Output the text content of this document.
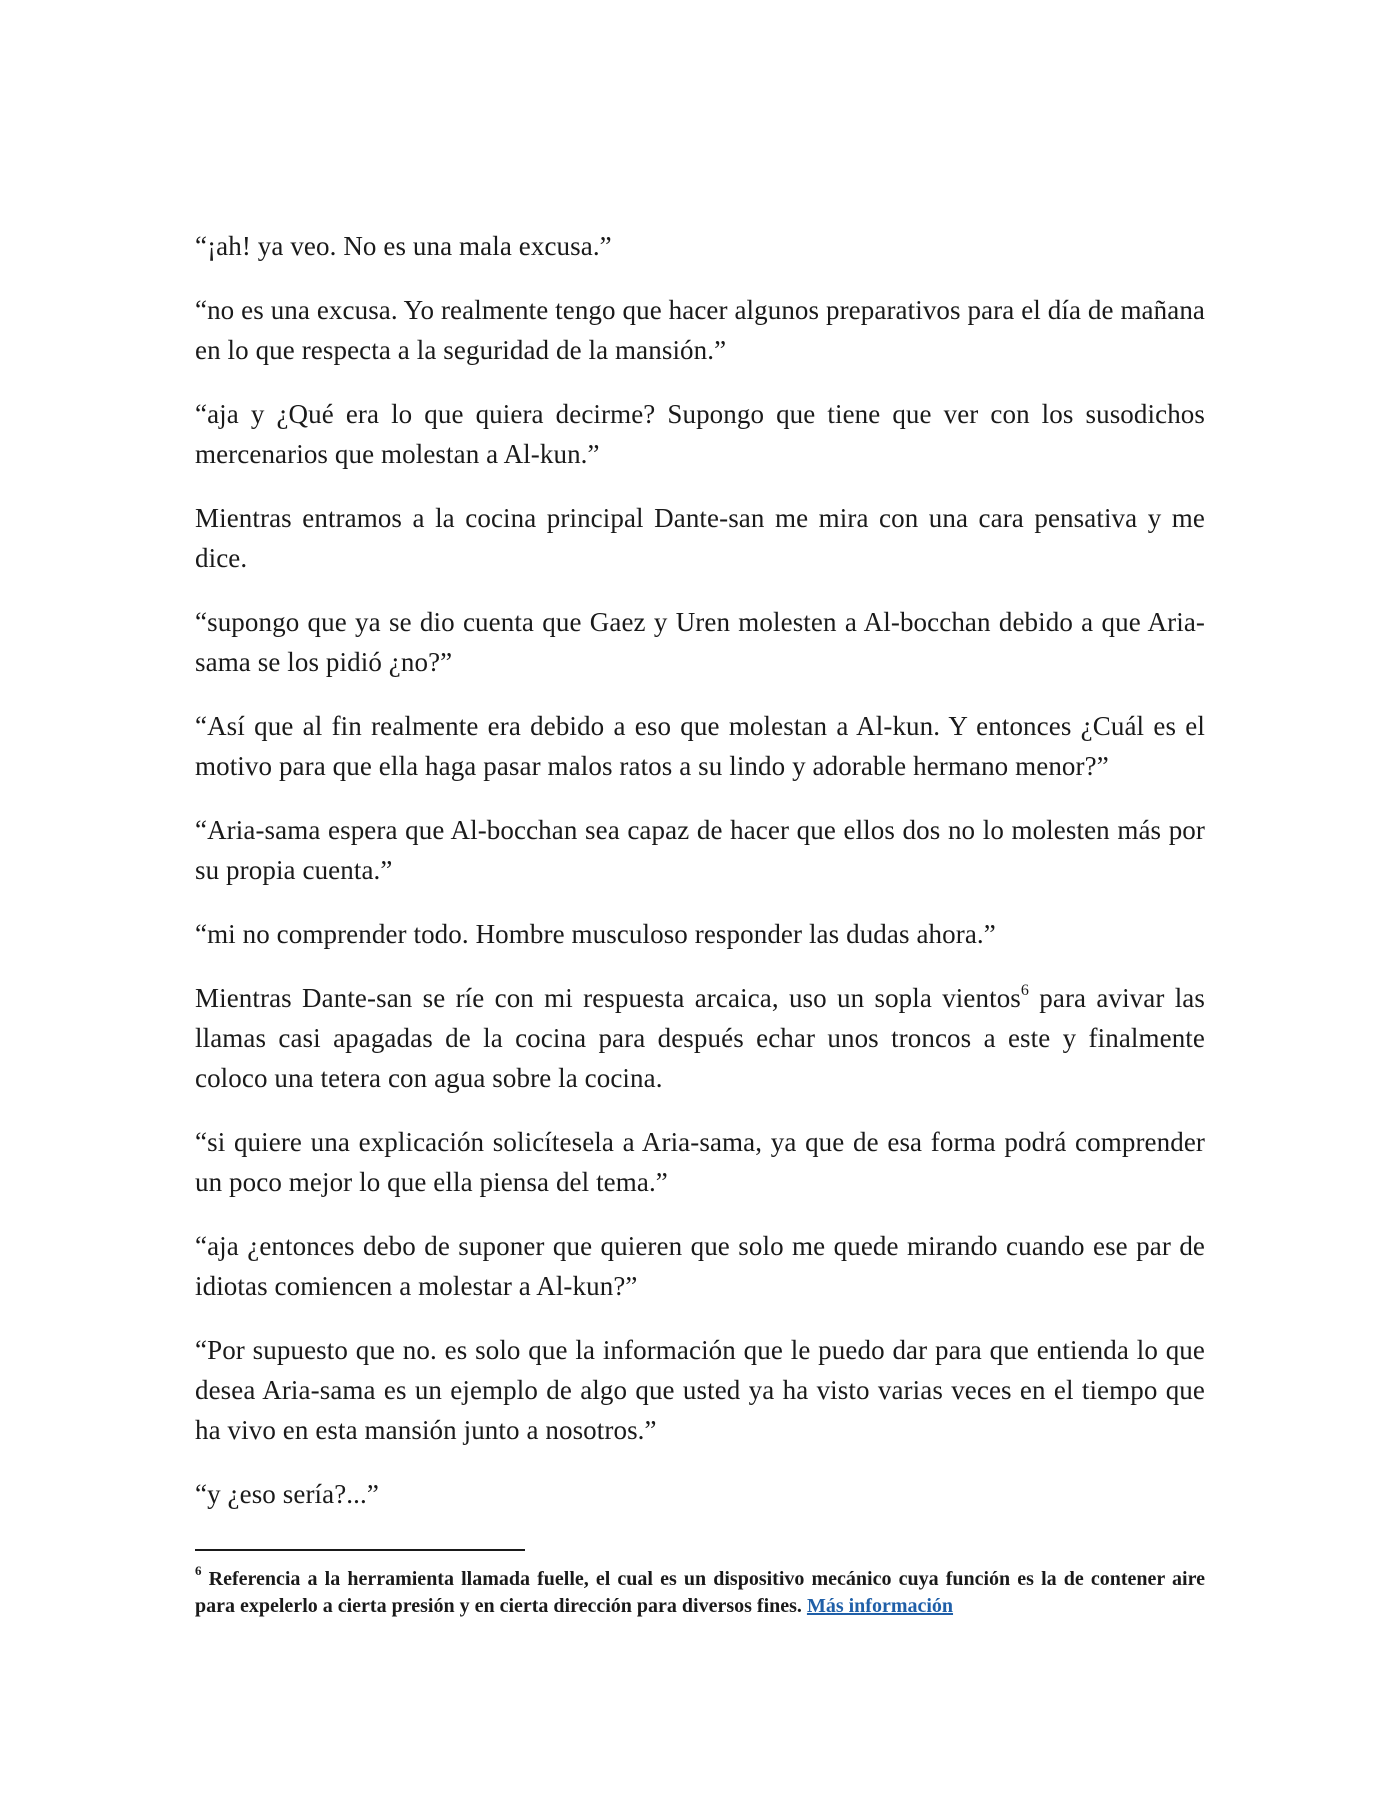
“¡ah! ya veo. No es una mala excusa.”

“no es una excusa. Yo realmente tengo que hacer algunos preparativos para el día de mañana en lo que respecta a la seguridad de la mansión.”

“aja y ¿Qué era lo que quiera decirme? Supongo que tiene que ver con los susodichos mercenarios que molestan a Al-kun.”

Mientras entramos a la cocina principal Dante-san me mira con una cara pensativa y me dice.

“supongo que ya se dio cuenta que Gaez y Uren molesten a Al-bocchan debido a que Aria-sama se los pidió ¿no?”

“Así que al fin realmente era debido a eso que molestan a Al-kun. Y entonces ¿Cuál es el motivo para que ella haga pasar malos ratos a su lindo y adorable hermano menor?”

“Aria-sama espera que Al-bocchan sea capaz de hacer que ellos dos no lo molesten más por su propia cuenta.”

“mi no comprender todo. Hombre musculoso responder las dudas ahora.”

Mientras Dante-san se ríe con mi respuesta arcaica, uso un sopla vientos$^6$ para avivar las llamas casi apagadas de la cocina para después echar unos troncos a este y finalmente coloco una tetera con agua sobre la cocina.

“si quiere una explicación solicítesela a Aria-sama, ya que de esa forma podrá comprender un poco mejor lo que ella piensa del tema.”

“aja ¿entonces debo de suponer que quieren que solo me quede mirando cuando ese par de idiotas comiencen a molestar a Al-kun?”

“Por supuesto que no. es solo que la información que le puedo dar para que entienda lo que desea Aria-sama es un ejemplo de algo que usted ya ha visto varias veces en el tiempo que ha vivo en esta mansión junto a nosotros.”

“y ¿eso sería?...”

$^6$ Referencia a la herramienta llamada fuelle, el cual es un dispositivo mecánico cuya función es la de contener aire para expelerlo a cierta presión y en cierta dirección para diversos fines. Más información
